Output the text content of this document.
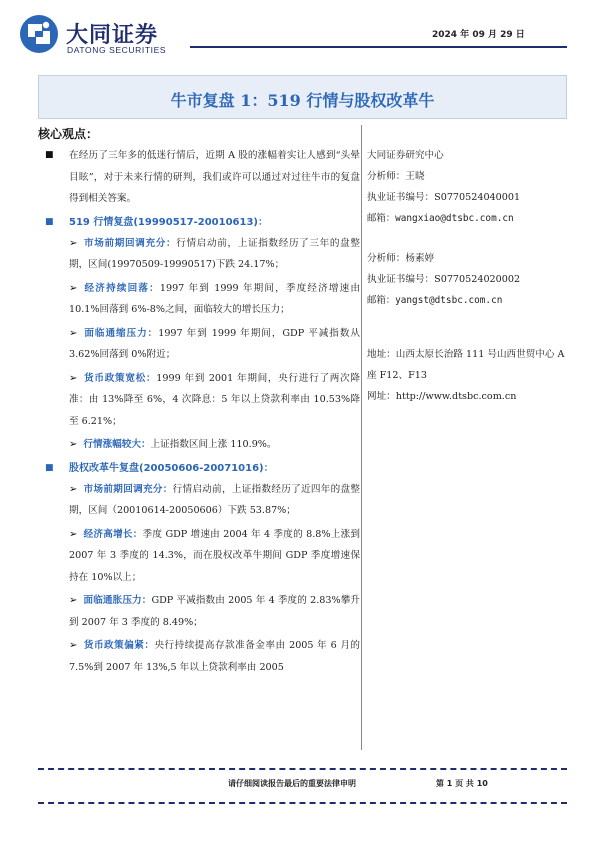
大同证券
DATONG SECURITIES
2024 年 09 月 29 日
牛市复盘 1：519 行情与股权改革牛
核心观点：
■ 在经历了三年多的低迷行情后，近期 A 股的涨幅着实让人感到“头晕目眩”，对于未来行情的研判，我们或许可以通过对过往牛市的复盘得到相关答案。
■ 519 行情复盘(19990517-20010613)：
➢ 市场前期回调充分：行情启动前，上证指数经历了三年的盘整期，区间(19970509-19990517)下跌 24.17%；
➢ 经济持续回落：1997 年到 1999 年期间，季度经济增速由 10.1%回落到 6%-8%之间，面临较大的增长压力；
➢ 面临通缩压力：1997 年到 1999 年期间，GDP 平减指数从 3.62%回落到 0%附近；
➢ 货币政策宽松：1999 年到 2001 年期间，央行进行了两次降准：由 13%降至 6%，4 次降息：5 年以上贷款利率由 10.53%降至 6.21%；
➢ 行情涨幅较大：上证指数区间上涨 110.9%。
■ 股权改革牛复盘(20050606-20071016)：
➢ 市场前期回调充分：行情启动前，上证指数经历了近四年的盘整期，区间（20010614-20050606）下跌 53.87%；
➢ 经济高增长：季度 GDP 增速由 2004 年 4 季度的 8.8%上涨到 2007 年 3 季度的 14.3%，而在股权改革牛期间 GDP 季度增速保持在 10%以上；
➢ 面临通胀压力：GDP 平减指数由 2005 年 4 季度的 2.83%攀升到 2007 年 3 季度的 8.49%；
➢ 货币政策偏紧：央行持续提高存款准备金率由 2005 年 6 月的 7.5%到 2007 年 13%,5 年以上贷款利率由 2005
大同证券研究中心
分析师：王晓
执业证书编号：S0770524040001
邮箱：wangxiao@dtsbc.com.cn
分析师：杨素婷
执业证书编号：S0770524020002
邮箱：yangst@dtsbc.com.cn
地址：山西太原长治路 111 号山西世贸中心 A 座 F12、F13
网址：http://www.dtsbc.com.cn
请仔细阅读报告最后的重要法律申明	第 1 页 共 10
